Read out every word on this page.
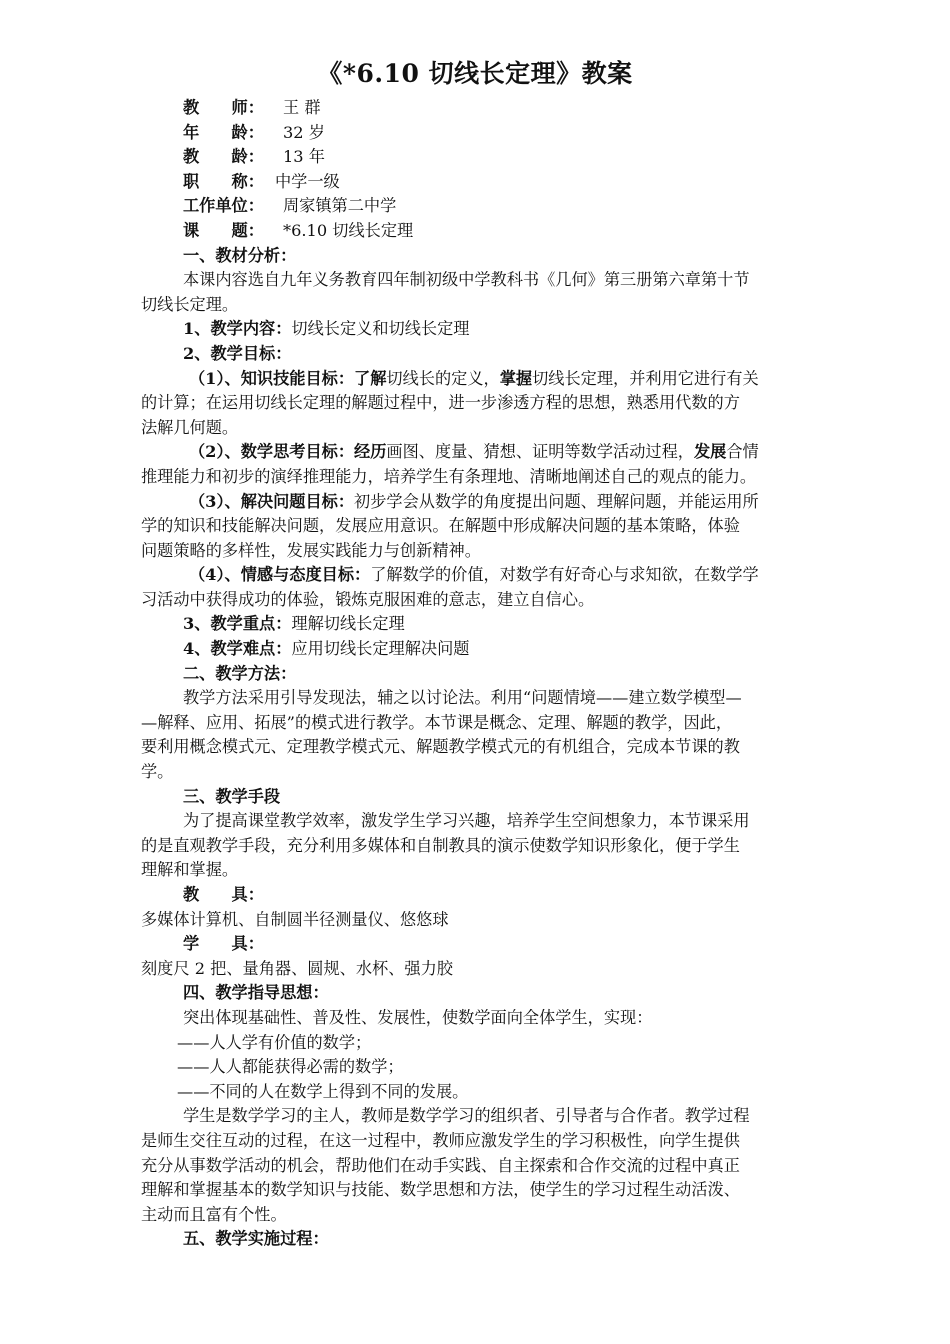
《*6.10 切线长定理》教案
教　　师： 王 群
年　　龄： 32 岁
教　　龄： 13 年
职　　称： 中学一级
工作单位： 周家镇第二中学
课　　题： *6.10 切线长定理
一、教材分析：
本课内容选自九年义务教育四年制初级中学教科书《几何》第三册第六章第十节
切线长定理。
1、教学内容：切线长定义和切线长定理
2、教学目标：
（1）、知识技能目标：了解切线长的定义，掌握切线长定理，并利用它进行有关
的计算；在运用切线长定理的解题过程中，进一步渗透方程的思想，熟悉用代数的方
法解几何题。
（2）、数学思考目标：经历画图、度量、猜想、证明等数学活动过程，发展合情
推理能力和初步的演绎推理能力，培养学生有条理地、清晰地阐述自己的观点的能力。
（3）、解决问题目标：初步学会从数学的角度提出问题、理解问题，并能运用所
学的知识和技能解决问题，发展应用意识。在解题中形成解决问题的基本策略，体验
问题策略的多样性，发展实践能力与创新精神。
（4）、情感与态度目标：了解数学的价值，对数学有好奇心与求知欲，在数学学
习活动中获得成功的体验，锻炼克服困难的意志，建立自信心。
3、教学重点：理解切线长定理
4、教学难点：应用切线长定理解决问题
二、教学方法：
教学方法采用引导发现法，辅之以讨论法。利用“问题情境——建立数学模型—
—解释、应用、拓展”的模式进行教学。本节课是概念、定理、解题的教学，因此，
要利用概念模式元、定理教学模式元、解题教学模式元的有机组合，完成本节课的教
学。
三、教学手段
为了提高课堂教学效率，激发学生学习兴趣，培养学生空间想象力，本节课采用
的是直观教学手段，充分利用多媒体和自制教具的演示使数学知识形象化，便于学生
理解和掌握。
教　　具：
多媒体计算机、自制圆半径测量仪、悠悠球
学　　具：
刻度尺 2 把、量角器、圆规、水杯、强力胶
四、教学指导思想：
突出体现基础性、普及性、发展性，使数学面向全体学生，实现：
——人人学有价值的数学；
——人人都能获得必需的数学；
——不同的人在数学上得到不同的发展。
学生是数学学习的主人，教师是数学学习的组织者、引导者与合作者。教学过程
是师生交往互动的过程，在这一过程中，教师应激发学生的学习积极性，向学生提供
充分从事数学活动的机会，帮助他们在动手实践、自主探索和合作交流的过程中真正
理解和掌握基本的数学知识与技能、数学思想和方法，使学生的学习过程生动活泼、
主动而且富有个性。
五、教学实施过程：
